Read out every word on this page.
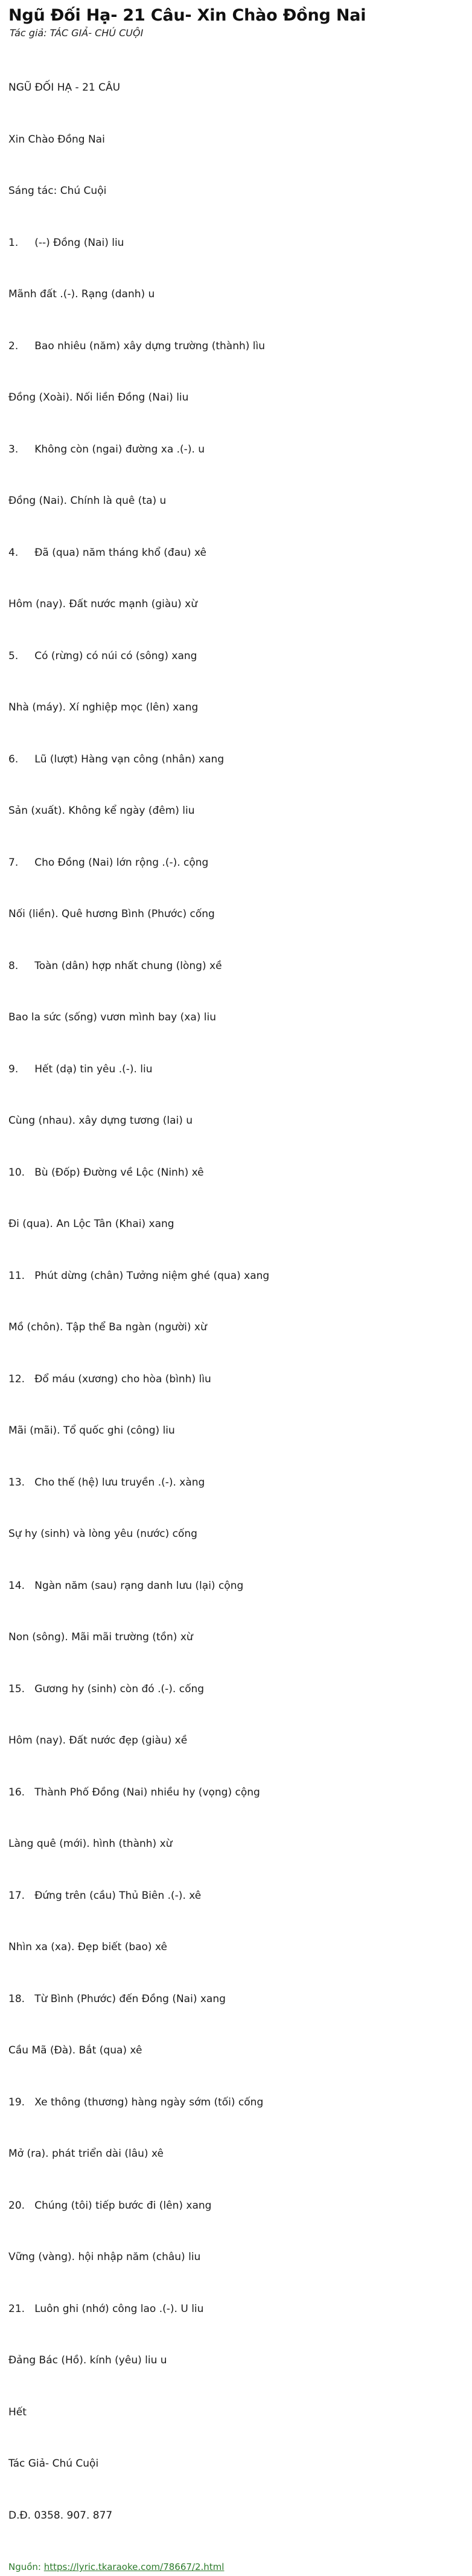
Ngũ Đối Hạ- 21 Câu- Xin Chào Đồng Nai
Tác giả: TÁC GIẢ- CHÚ CUỘI

NGŨ ĐỐI HẠ - 21 CÂU

Xin Chào Đồng Nai

Sáng tác: Chú Cuội

1.	(--) Đồng (Nai) liu

Mãnh đất .(-). Rạng (danh) u

2.	Bao nhiêu (năm) xây dựng trường (thành) lìu

Đồng (Xoài). Nối liền Đồng (Nai) liu

3.	Không còn (ngai) đường xa .(-). u

Đồng (Nai). Chính là quê (ta) u

4.	Đã (qua) năm tháng khổ (đau) xê

Hôm (nay). Đất nước mạnh (giàu) xừ

5.	Có (rừng) có núi có (sông) xang

Nhà (máy). Xí nghiệp mọc (lên) xang

6.	Lũ (lượt) Hàng vạn công (nhân) xang

Sản (xuất). Không kể ngày (đêm) liu

7.	Cho Đồng (Nai) lớn rộng .(-). cộng

Nối (liền). Quê hương Bình (Phước) cống

8.	Toàn (dân) hợp nhất chung (lòng) xề

Bao la sức (sống) vươn mình bay (xa) liu

9.	Hết (dạ) tin yêu .(-). liu

Cùng (nhau). xây dựng tương (lai) u

10.	Bù (Đốp) Đường về Lộc (Ninh) xê

Đi (qua). An Lộc Tân (Khai) xang

11.	Phút dừng (chân) Tưởng niệm ghé (qua) xang

Mồ (chôn). Tập thể Ba ngàn (người) xừ

12.	Đổ máu (xương) cho hòa (bình) lìu

Mãi (mãi). Tổ quốc ghi (công) liu

13.	Cho thế (hệ) lưu truyền .(-). xàng

Sự hy (sinh) và lòng yêu (nước) cống

14.	Ngàn năm (sau) rạng danh lưu (lại) cộng

Non (sông). Mãi mãi trường (tồn) xừ

15.	Gương hy (sinh) còn đó .(-). cống

Hôm (nay). Đất nước đẹp (giàu) xề

16.	Thành Phố Đồng (Nai) nhiều hy (vọng) cộng

Làng quê (mới). hình (thành) xừ

17.	Đứng trên (cầu) Thủ Biên .(-). xê

Nhìn xa (xa). Đẹp biết (bao) xê

18.	Từ Bình (Phước) đến Đồng (Nai) xang

Cầu Mã (Đà). Bắt (qua) xê

19.	Xe thông (thương) hàng ngày sớm (tối) cống

Mở (ra). phát triển dài (lâu) xê

20.	Chúng (tôi) tiếp bước đi (lên) xang

Vững (vàng). hội nhập năm (châu) liu

21.	Luôn ghi (nhớ) công lao .(-). U liu

Đảng Bác (Hồ). kính (yêu) liu u

Hết

Tác Giả- Chú Cuội

D.Đ. 0358. 907. 877

Nguồn: https://lyric.tkaraoke.com/78667/2.html
